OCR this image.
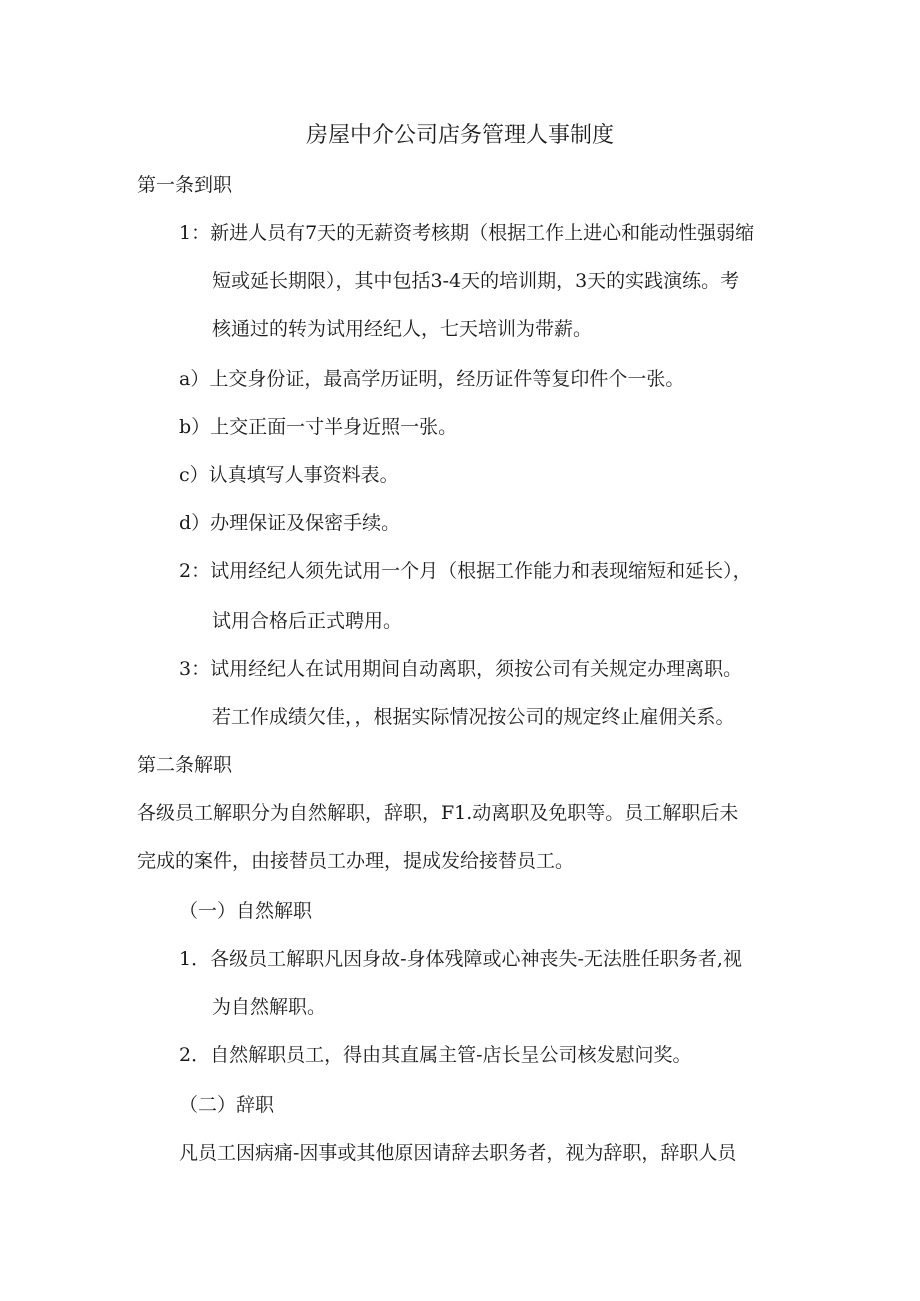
房屋中介公司店务管理人事制度
第一条到职
1：新进人员有7天的无薪资考核期（根据工作上进心和能动性强弱缩
短或延长期限），其中包括3-4天的培训期，3天的实践演练。考
核通过的转为试用经纪人，七天培训为带薪。
a）上交身份证，最高学历证明，经历证件等复印件个一张。
b）上交正面一寸半身近照一张。
c）认真填写人事资料表。
d）办理保证及保密手续。
2：试用经纪人须先试用一个月（根据工作能力和表现缩短和延长），
试用合格后正式聘用。
3：试用经纪人在试用期间自动离职，须按公司有关规定办理离职。
若工作成绩欠佳，，根据实际情况按公司的规定终止雇佣关系。
第二条解职
各级员工解职分为自然解职，辞职，F1.动离职及免职等。员工解职后未
完成的案件，由接替员工办理，提成发给接替员工。
（一）自然解职
1．各级员工解职凡因身故-身体残障或心神丧失-无法胜任职务者,视
为自然解职。
2．自然解职员工，得由其直属主管-店长呈公司核发慰问奖。
（二）辞职
凡员工因病痛-因事或其他原因请辞去职务者，视为辞职，辞职人员
